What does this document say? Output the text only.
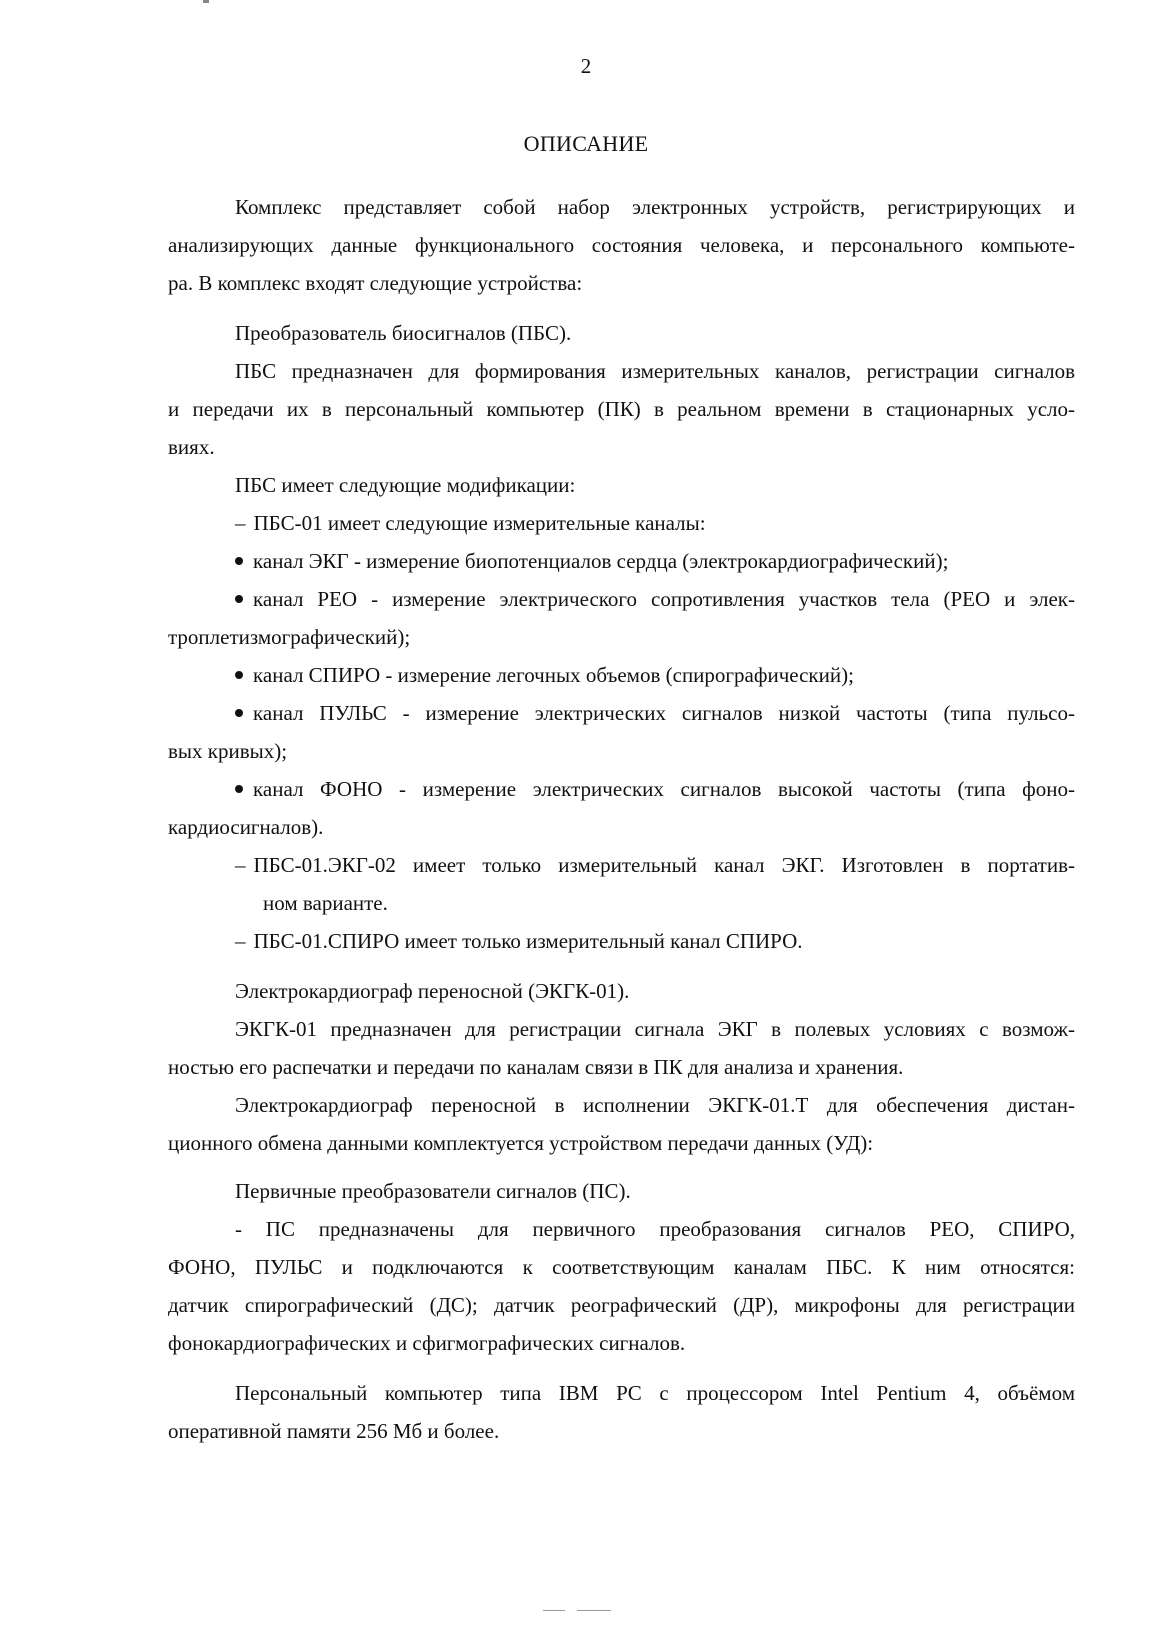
2
ОПИСАНИЕ
Комплекс представляет собой набор электронных устройств, регистрирующих и
анализирующих данные функционального состояния человека, и персонального компьюте-
ра. В комплекс входят следующие устройства:
Преобразователь биосигналов (ПБС).
ПБС предназначен для формирования измерительных каналов, регистрации сигналов
и передачи их в персональный компьютер (ПК) в реальном времени в стационарных усло-
виях.
ПБС имеет следующие модификации:
– ПБС-01 имеет следующие измерительные каналы:
канал ЭКГ - измерение биопотенциалов сердца (электрокардиографический);
канал РЕО - измерение электрического сопротивления участков тела (РЕО и элек-
троплетизмографический);
канал СПИРО - измерение легочных объемов (спирографический);
канал ПУЛЬС - измерение электрических сигналов низкой частоты (типа пульсо-
вых кривых);
канал ФОНО - измерение электрических сигналов высокой частоты (типа фоно-
кардиосигналов).
– ПБС-01.ЭКГ-02 имеет только измерительный канал ЭКГ. Изготовлен в портатив-
ном варианте.
– ПБС-01.СПИРО имеет только измерительный канал СПИРО.
Электрокардиограф переносной (ЭКГК-01).
ЭКГК-01 предназначен для регистрации сигнала ЭКГ в полевых условиях с возмож-
ностью его распечатки и передачи по каналам связи в ПК для анализа и хранения.
Электрокардиограф переносной в исполнении ЭКГК-01.Т для обеспечения дистан-
ционного обмена данными комплектуется устройством передачи данных (УД):
Первичные преобразователи сигналов (ПС).
- ПС предназначены для первичного преобразования сигналов РЕО, СПИРО,
ФОНО, ПУЛЬС и подключаются к соответствующим каналам ПБС. К ним относятся:
датчик спирографический (ДС); датчик реографический (ДР), микрофоны для регистрации
фонокардиографических и сфигмографических сигналов.
Персональный компьютер типа IBM PC с процессором Intel Pentium 4, объёмом
оперативной памяти 256 Мб и более.
